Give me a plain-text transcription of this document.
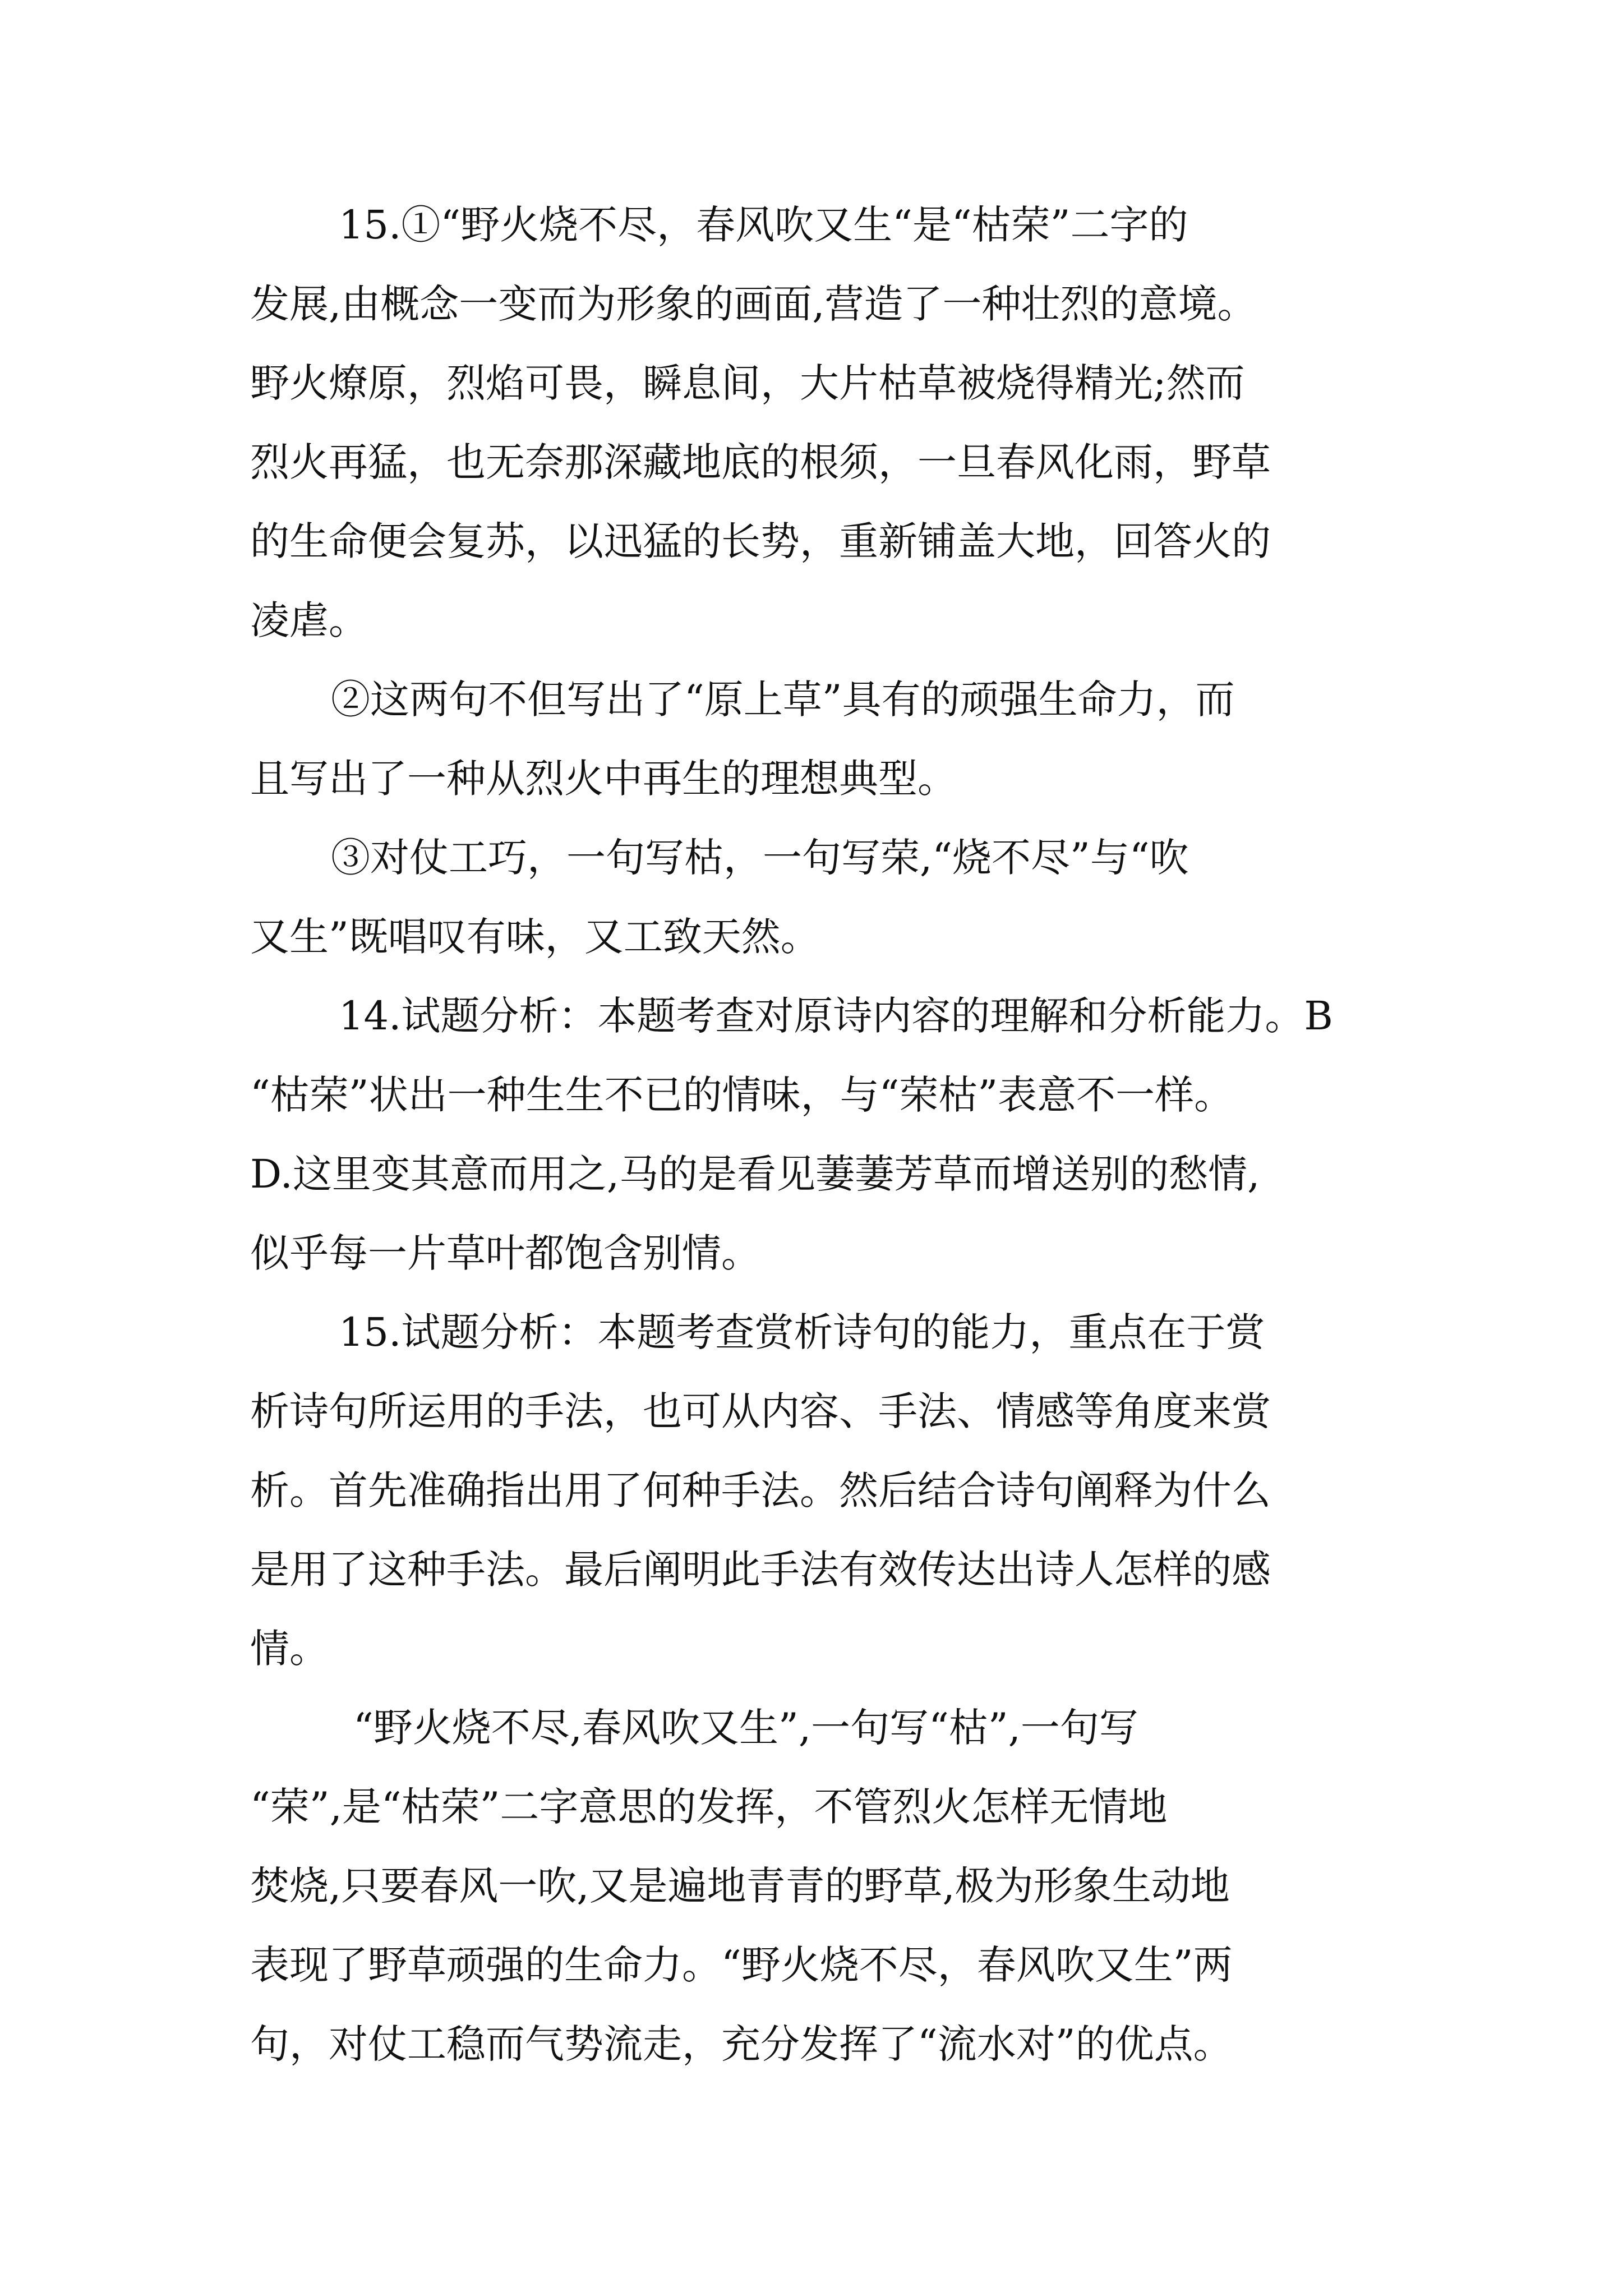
15.①“野火烧不尽，春风吹又生“是“枯荣”二字的

发展,由概念一变而为形象的画面,营造了一种壮烈的意境。

野火燎原，烈焰可畏，瞬息间，大片枯草被烧得精光;然而

烈火再猛，也无奈那深藏地底的根须，一旦春风化雨，野草

的生命便会复苏，以迅猛的长势，重新铺盖大地，回答火的

凌虐。

②这两句不但写出了“原上草”具有的顽强生命力，而

且写出了一种从烈火中再生的理想典型。

③对仗工巧，一句写枯，一句写荣,“烧不尽”与“吹

又生”既唱叹有味，又工致天然。

14.试题分析：本题考查对原诗内容的理解和分析能力。B

“枯荣”状出一种生生不已的情味，与“荣枯”表意不一样。

D.这里变其意而用之,马的是看见萋萋芳草而增送别的愁情,

似乎每一片草叶都饱含别情。

15.试题分析：本题考查赏析诗句的能力，重点在于赏

析诗句所运用的手法，也可从内容、手法、情感等角度来赏

析。首先准确指出用了何种手法。然后结合诗句阐释为什么

是用了这种手法。最后阐明此手法有效传达出诗人怎样的感

情。

“野火烧不尽,春风吹又生”,一句写“枯”,一句写

“荣”,是“枯荣”二字意思的发挥，不管烈火怎样无情地

焚烧,只要春风一吹,又是遍地青青的野草,极为形象生动地

表现了野草顽强的生命力。“野火烧不尽，春风吹又生”两

句，对仗工稳而气势流走，充分发挥了“流水对”的优点。
